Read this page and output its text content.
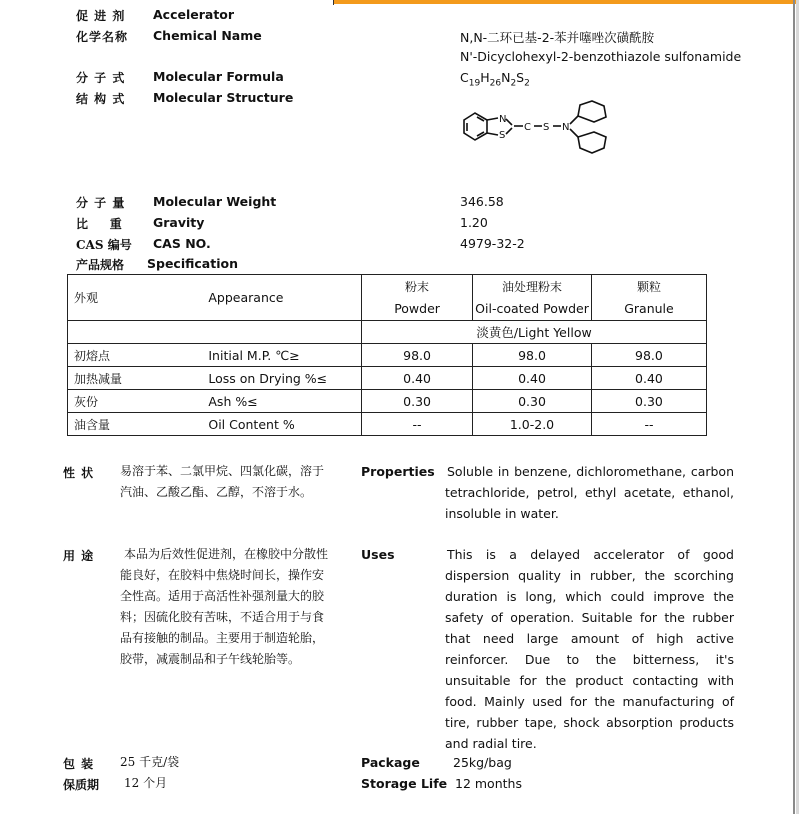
促 进 剂 Accelerator
化学名称 Chemical Name	N,N-二环已基-2-苯并噻唑次磺酰胺
N'-Dicyclohexyl-2-benzothiazole sulfonamide
分 子 式 Molecular Formula	$C_{19}H_{26}N_2S_2$
结 构 式 Molecular Structure
N
S
C S N
分 子 量 Molecular Weight	346.58
比    重 Gravity	1.20
CAS 编号 CAS NO.	4979-32-2
产品规格 Specification
外观	Appearance	粉末	油处理粉末	颗粒
		Powder	Oil-coated Powder	Granule
		淡黄色/Light Yellow		
初熔点	Initial M.P. ℃≥	98.0	98.0	98.0
加热减量	Loss on Drying %≤	0.40	0.40	0.40
灰份	Ash %≤	0.30	0.30	0.30
油含量	Oil Content %	--	1.0-2.0	--
性 状 易溶于苯、二氯甲烷、四氯化碳，溶于汽油、乙酸乙酯、乙醇，不溶于水。
Properties Soluble in benzene, dichloromethane, carbon tetrachloride, petrol, ethyl acetate, ethanol, insoluble in water.
用 途	本品为后效性促进剂，在橡胶中分散性能良好，在胶料中焦烧时间长，操作安全性高。适用于高活性补强剂量大的胶料；因硫化胶有苦味，不适合用于与食品有接触的制品。主要用于制造轮胎，胶带，减震制品和子午线轮胎等。
Uses	This is a delayed accelerator of good dispersion quality in rubber, the scorching duration is long, which could improve the safety of operation. Suitable for the rubber that need large amount of high active reinforcer. Due to the bitterness, it's unsuitable for the product contacting with food. Mainly used for the manufacturing of tire, rubber tape, shock absorption products and radial tire.
包 装 25 千克/袋
保质期 12 个月
Package	25kg/bag
Storage Life 12 months
